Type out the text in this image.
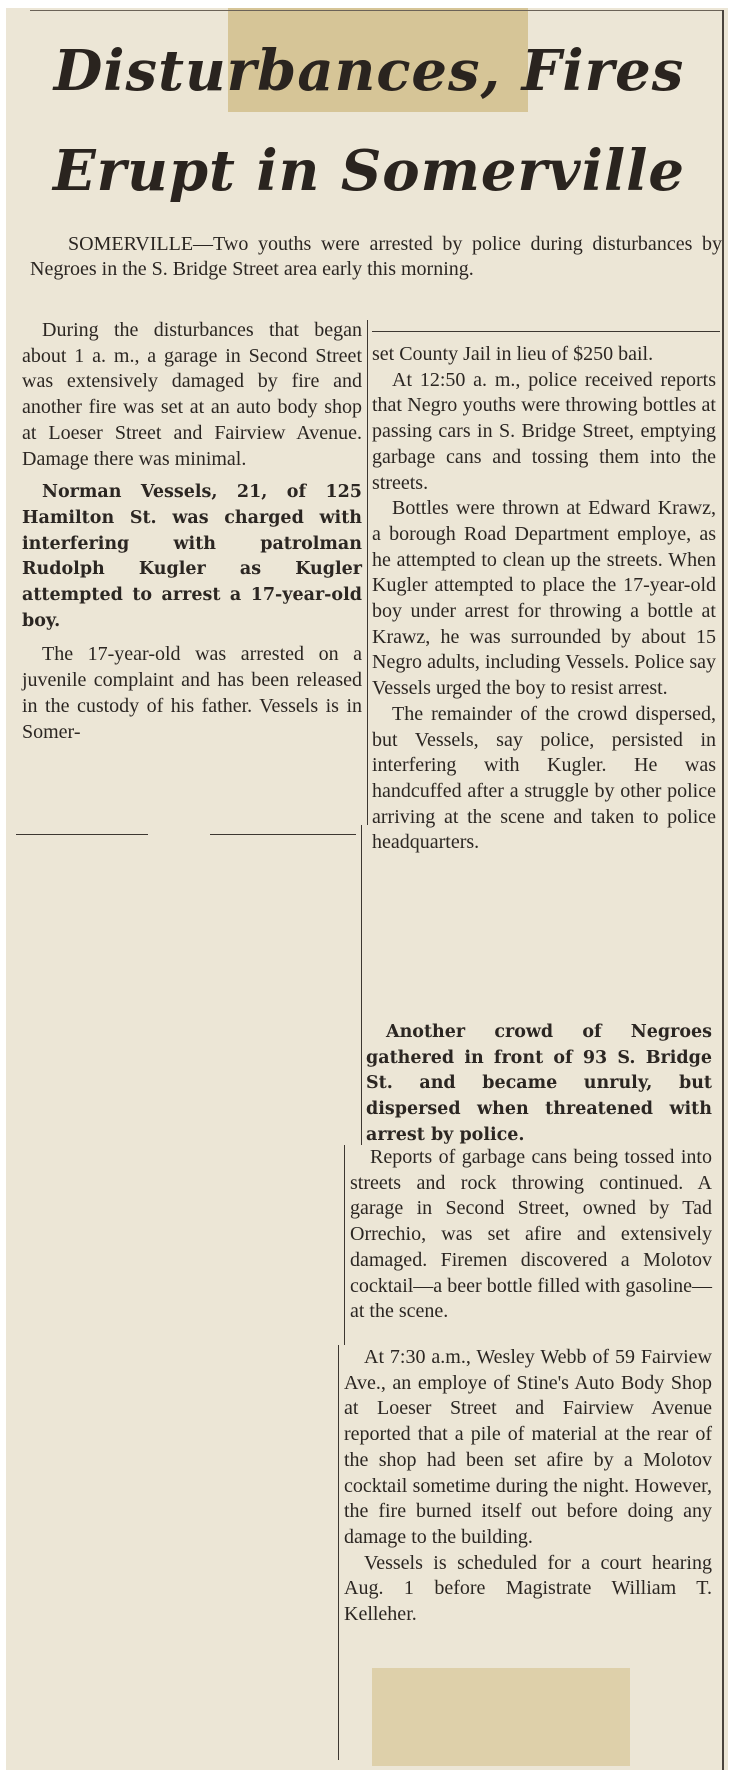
Disturbances, Fires
Erupt in Somerville

SOMERVILLE—Two youths were arrested by police during disturbances by Negroes in the S. Bridge Street area early this morning.

During the disturbances that began about 1 a. m., a garage in Second Street was extensively damaged by fire and another fire was set at an auto body shop at Loeser Street and Fairview Avenue. Damage there was minimal.

Norman Vessels, 21, of 125 Hamilton St. was charged with interfering with patrolman Rudolph Kugler as Kugler attempted to arrest a 17-year-old boy.

The 17-year-old was arrested on a juvenile complaint and has been released in the custody of his father. Vessels is in Somer-

set County Jail in lieu of $250 bail.

At 12:50 a. m., police received reports that Negro youths were throwing bottles at passing cars in S. Bridge Street, emptying garbage cans and tossing them into the streets.

Bottles were thrown at Edward Krawz, a borough Road Department employe, as he attempted to clean up the streets. When Kugler attempted to place the 17-year-old boy under arrest for throwing a bottle at Krawz, he was surrounded by about 15 Negro adults, including Vessels. Police say Vessels urged the boy to resist arrest.

The remainder of the crowd dispersed, but Vessels, say police, persisted in interfering with Kugler. He was handcuffed after a struggle by other police arriving at the scene and taken to police headquarters.

Another crowd of Negroes gathered in front of 93 S. Bridge St. and became unruly, but dispersed when threatened with arrest by police.

Reports of garbage cans being tossed into streets and rock throwing continued. A garage in Second Street, owned by Tad Orrechio, was set afire and extensively damaged. Firemen discovered a Molotov cocktail—a beer bottle filled with gasoline—at the scene.

At 7:30 a.m., Wesley Webb of 59 Fairview Ave., an employe of Stine's Auto Body Shop at Loeser Street and Fairview Avenue reported that a pile of material at the rear of the shop had been set afire by a Molotov cocktail sometime during the night. However, the fire burned itself out before doing any damage to the building.

Vessels is scheduled for a court hearing Aug. 1 before Magistrate William T. Kelleher.
